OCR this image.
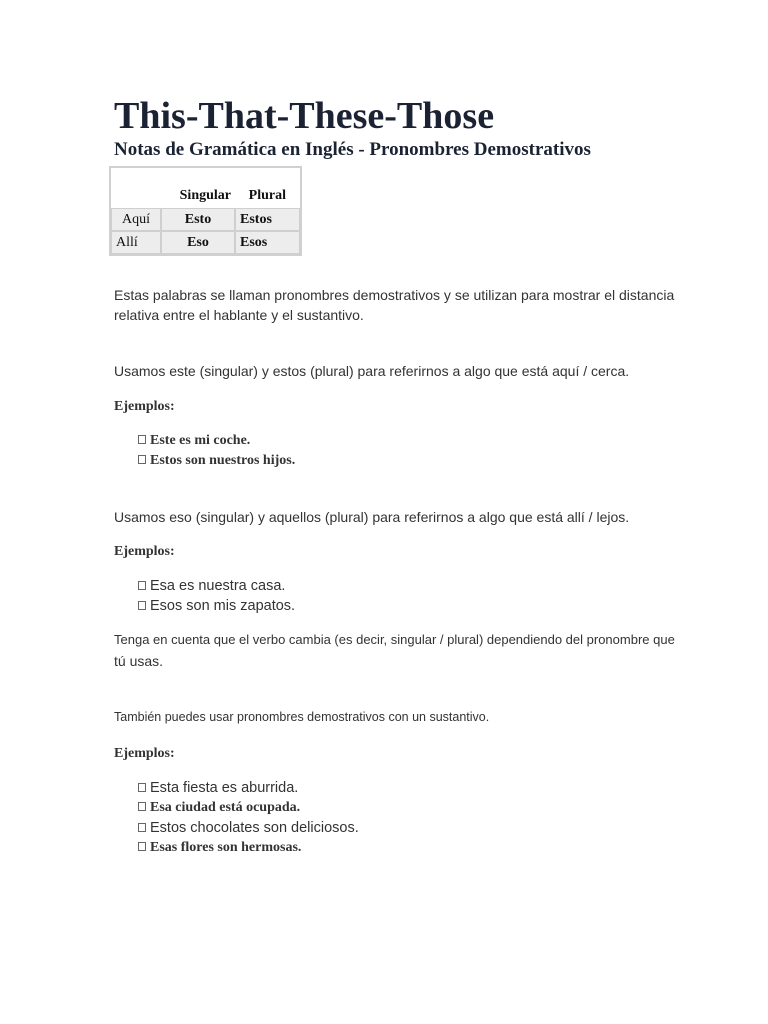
This-That-These-Those
Notas de Gramática en Inglés - Pronombres Demostrativos
	Singular	Plural
Aquí	Esto	Estos
Allí	Eso	Esos

Estas palabras se llaman pronombres demostrativos y se utilizan para mostrar el distancia relativa entre el hablante y el sustantivo.

Usamos este (singular) y estos (plural) para referirnos a algo que está aquí / cerca.

Ejemplos:

Este es mi coche.
Estos son nuestros hijos.

Usamos eso (singular) y aquellos (plural) para referirnos a algo que está allí / lejos.

Ejemplos:

Esa es nuestra casa.
Esos son mis zapatos.

Tenga en cuenta que el verbo cambia (es decir, singular / plural) dependiendo del pronombre que

tú usas.

También puedes usar pronombres demostrativos con un sustantivo.

Ejemplos:

Esta fiesta es aburrida.
Esa ciudad está ocupada.
Estos chocolates son deliciosos.
Esas flores son hermosas.
